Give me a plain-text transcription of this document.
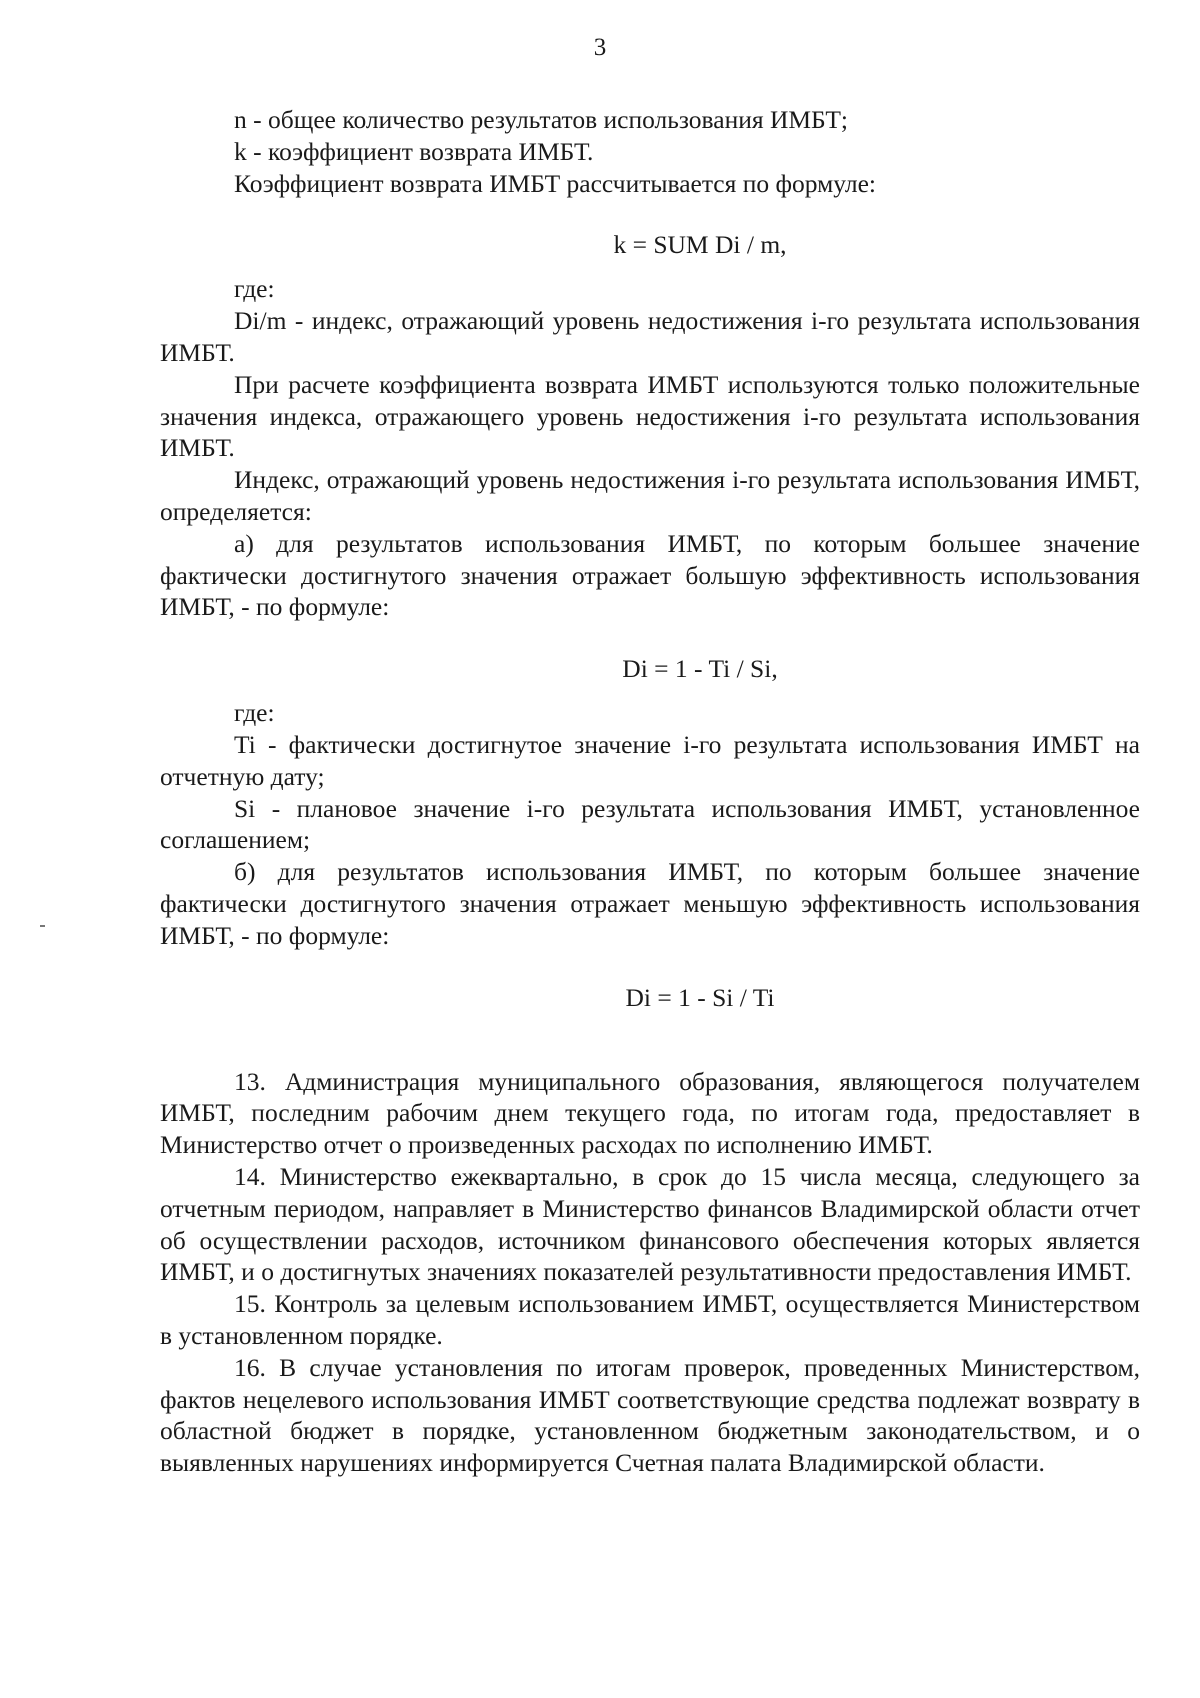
3

n - общее количество результатов использования ИМБТ;

k - коэффициент возврата ИМБТ.

Коэффициент возврата ИМБТ рассчитывается по формуле:

k = SUM Di / m,

где:

Di/m - индекс, отражающий уровень недостижения i-го результата использования ИМБТ.

При расчете коэффициента возврата ИМБТ используются только положительные значения индекса, отражающего уровень недостижения i-го результата использования ИМБТ.

Индекс, отражающий уровень недостижения i-го результата использования ИМБТ, определяется:

а) для результатов использования ИМБТ, по которым большее значение фактически достигнутого значения отражает большую эффективность использования ИМБТ, - по формуле:

Di = 1 - Ti / Si,

где:

Ti - фактически достигнутое значение i-го результата использования ИМБТ на отчетную дату;

Si - плановое значение i-го результата использования ИМБТ, установленное соглашением;

б) для результатов использования ИМБТ, по которым большее значение фактически достигнутого значения отражает меньшую эффективность использования ИМБТ, - по формуле:

Di = 1 - Si / Ti

13. Администрация муниципального образования, являющегося получателем ИМБТ, последним рабочим днем текущего года, по итогам года, предоставляет в Министерство отчет о произведенных расходах по исполнению ИМБТ.

14. Министерство ежеквартально, в срок до 15 числа месяца, следующего за отчетным периодом, направляет в Министерство финансов Владимирской области отчет об осуществлении расходов, источником финансового обеспечения которых является ИМБТ, и о достигнутых значениях показателей результативности предоставления ИМБТ.

15. Контроль за целевым использованием ИМБТ, осуществляется Министерством в установленном порядке.

16. В случае установления по итогам проверок, проведенных Министерством, фактов нецелевого использования ИМБТ соответствующие средства подлежат возврату в областной бюджет в порядке, установленном бюджетным законодательством, и о выявленных нарушениях информируется Счетная палата Владимирской области.
